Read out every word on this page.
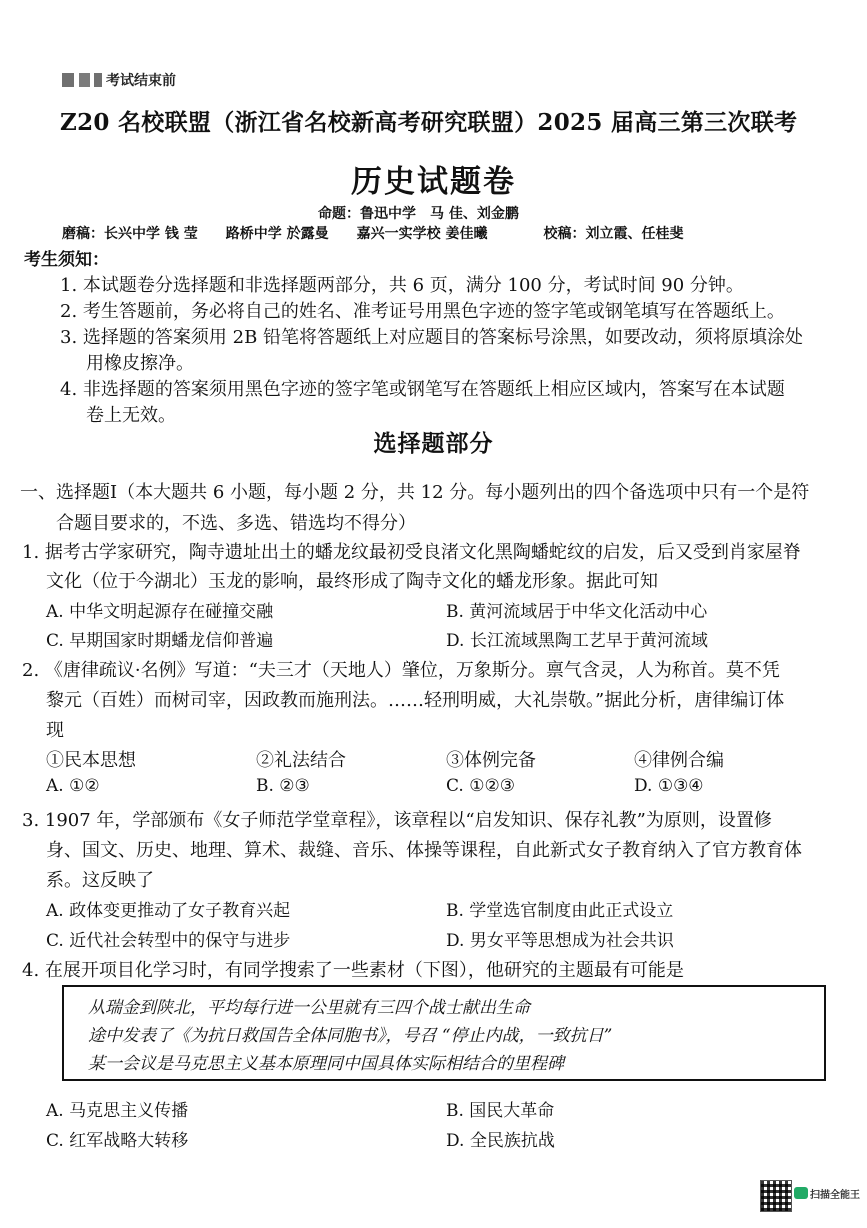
考试结束前
Z20 名校联盟（浙江省名校新高考研究联盟）2025 届高三第三次联考
历史试题卷
命题：鲁迅中学　马 佳、刘金鹏
磨稿：长兴中学 钱 莹　　路桥中学 於露曼　　嘉兴一实学校 姜佳曦　　　　校稿：刘立霞、任桂斐
考生须知：
1. 本试题卷分选择题和非选择题两部分，共 6 页，满分 100 分，考试时间 90 分钟。
2. 考生答题前，务必将自己的姓名、准考证号用黑色字迹的签字笔或钢笔填写在答题纸上。
3. 选择题的答案须用 2B 铅笔将答题纸上对应题目的答案标号涂黑，如要改动，须将原填涂处
用橡皮擦净。
4. 非选择题的答案须用黑色字迹的签字笔或钢笔写在答题纸上相应区域内，答案写在本试题
卷上无效。
选择题部分
一、选择题Ⅰ（本大题共 6 小题，每小题 2 分，共 12 分。每小题列出的四个备选项中只有一个是符
合题目要求的，不选、多选、错选均不得分）
1. 据考古学家研究，陶寺遗址出土的蟠龙纹最初受良渚文化黑陶蟠蛇纹的启发，后又受到肖家屋脊
文化（位于今湖北）玉龙的影响，最终形成了陶寺文化的蟠龙形象。据此可知
A. 中华文明起源存在碰撞交融	B. 黄河流域居于中华文化活动中心
C. 早期国家时期蟠龙信仰普遍	D. 长江流域黑陶工艺早于黄河流域
2. 《唐律疏议·名例》写道：“夫三才（天地人）肇位，万象斯分。禀气含灵，人为称首。莫不凭
黎元（百姓）而树司宰，因政教而施刑法。……轻刑明威，大礼崇敬。”据此分析，唐律编订体
现
①民本思想	②礼法结合	③体例完备	④律例合编
A. ①②	B. ②③	C. ①②③	D. ①③④
3. 1907 年，学部颁布《女子师范学堂章程》，该章程以“启发知识、保存礼教”为原则，设置修
身、国文、历史、地理、算术、裁缝、音乐、体操等课程，自此新式女子教育纳入了官方教育体
系。这反映了
A. 政体变更推动了女子教育兴起	B. 学堂选官制度由此正式设立
C. 近代社会转型中的保守与进步	D. 男女平等思想成为社会共识
4. 在展开项目化学习时，有同学搜索了一些素材（下图），他研究的主题最有可能是
从瑞金到陕北，平均每行进一公里就有三四个战士献出生命
途中发表了《为抗日救国告全体同胞书》，号召 “停止内战，一致抗日”
某一会议是马克思主义基本原理同中国具体实际相结合的里程碑
A. 马克思主义传播	B. 国民大革命
C. 红军战略大转移	D. 全民族抗战
扫描全能王
